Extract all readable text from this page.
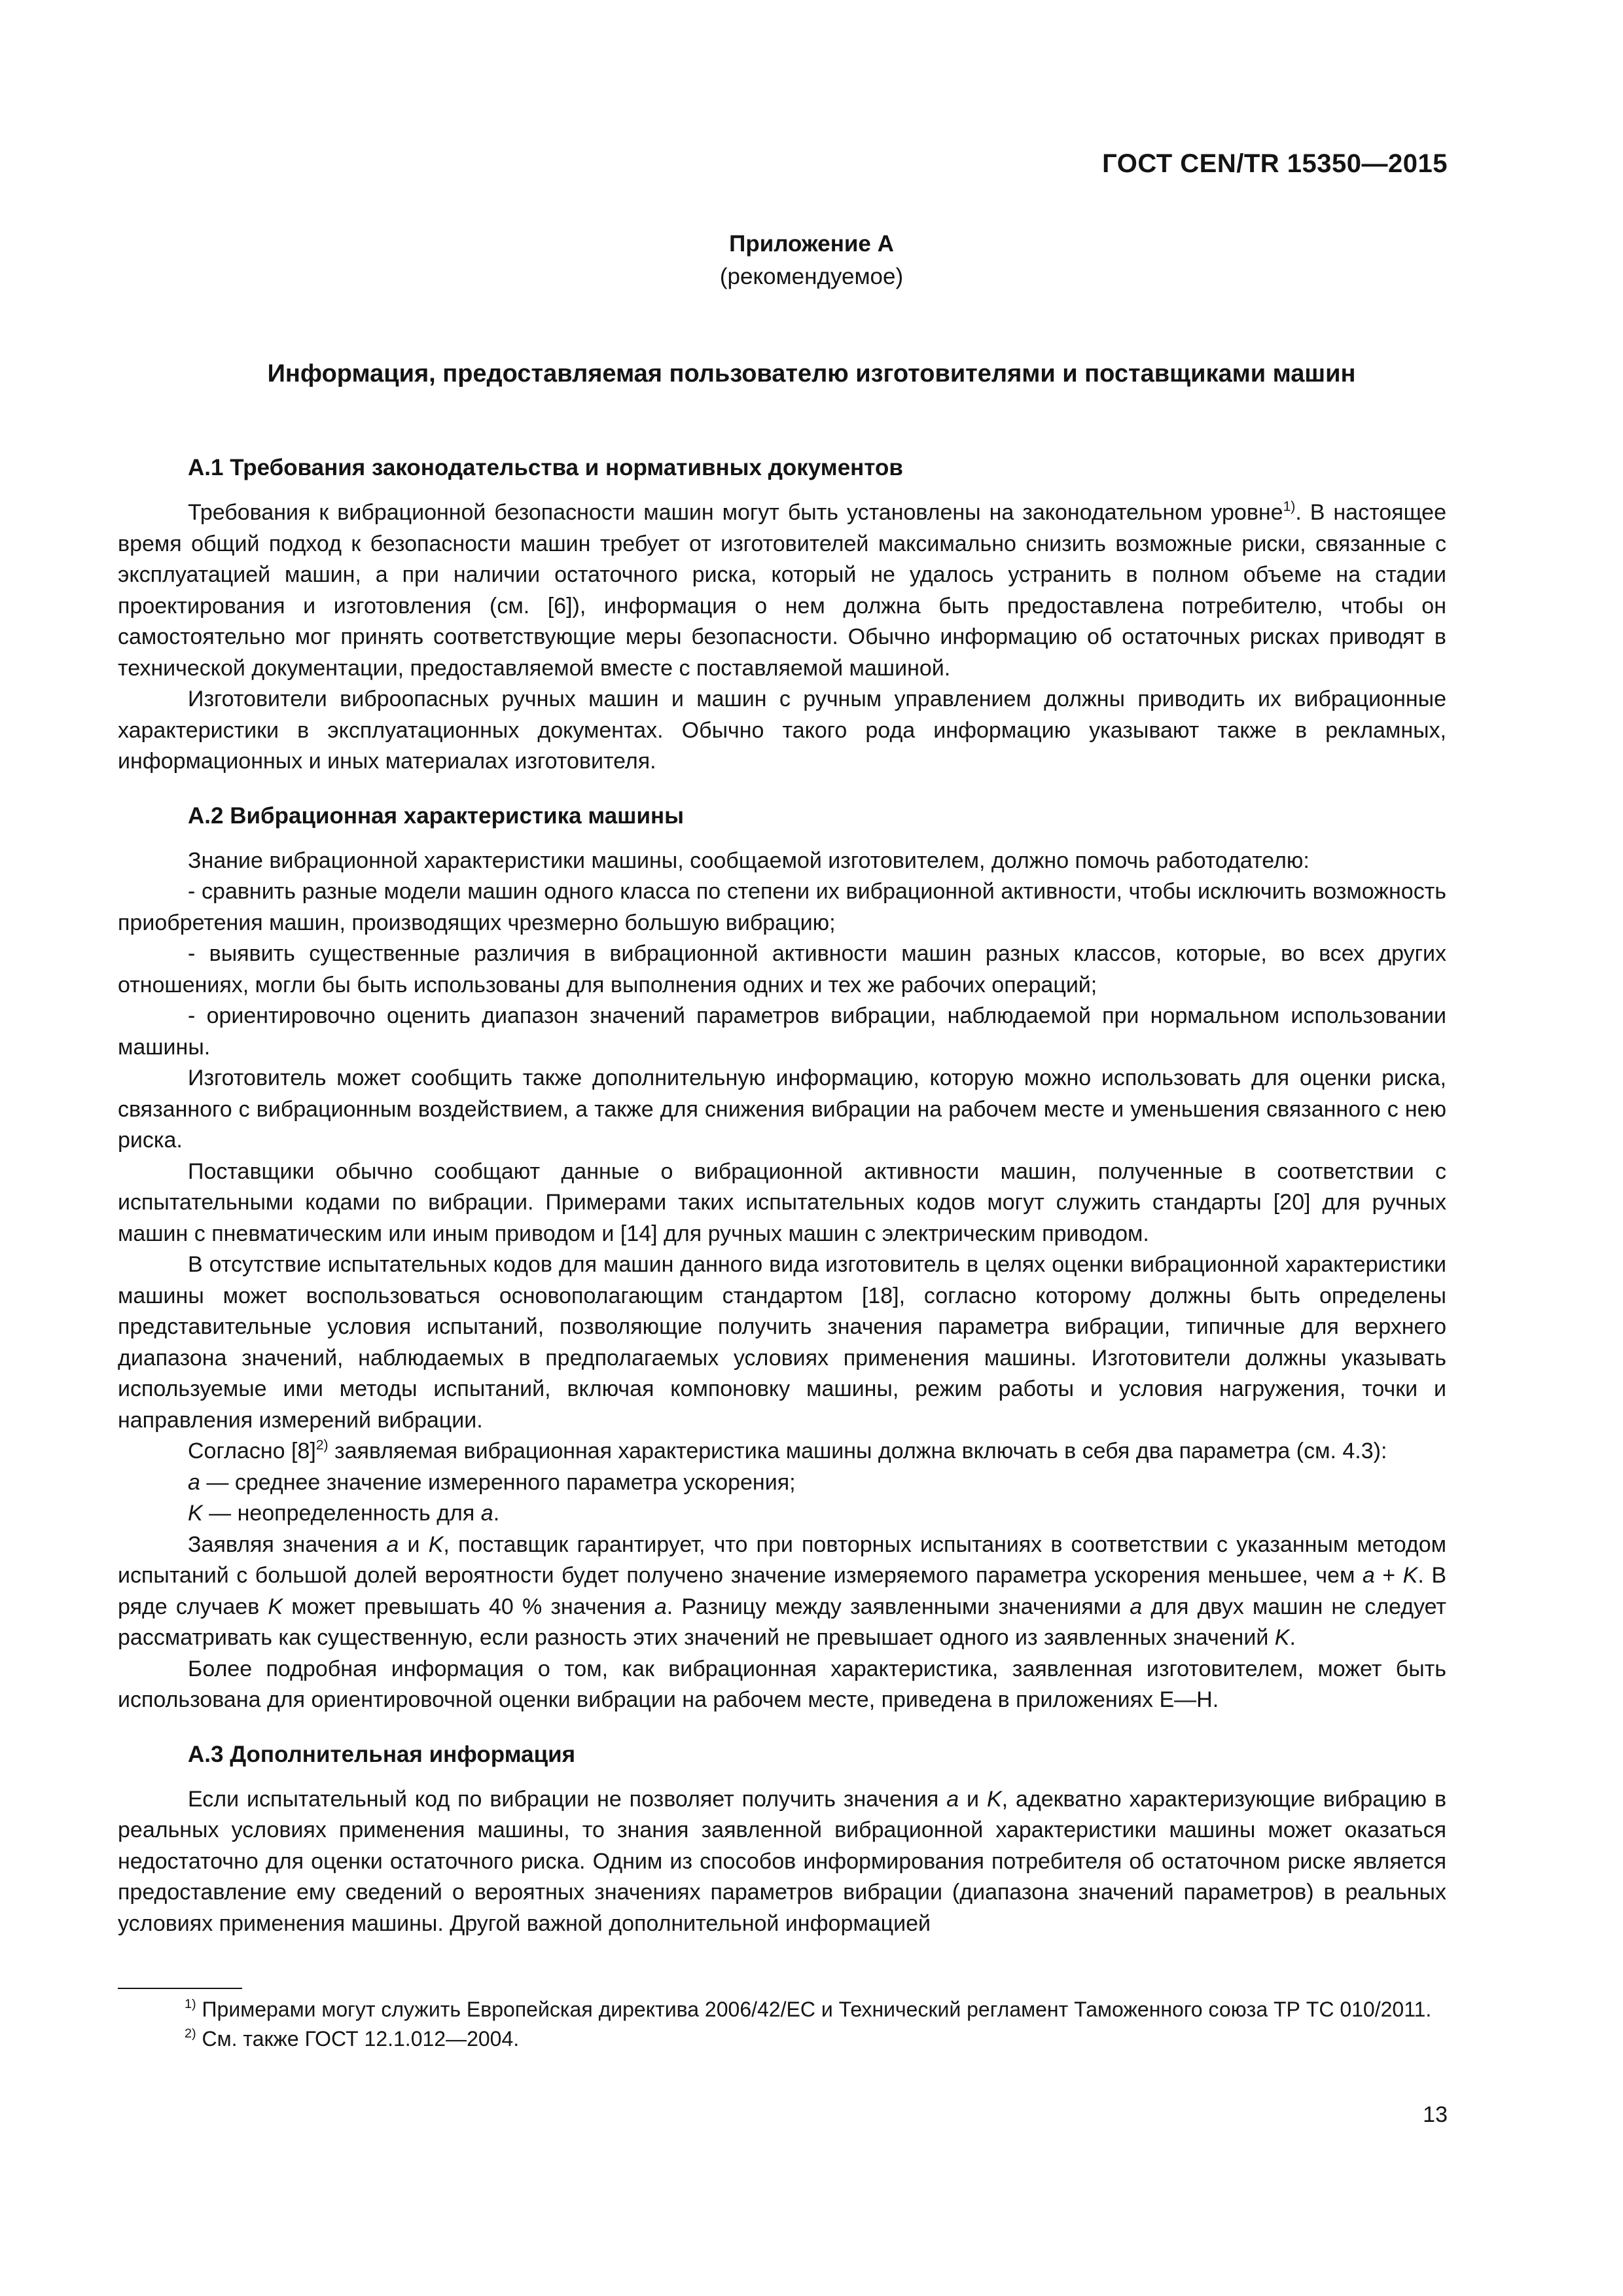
ГОСТ CEN/TR 15350—2015
Приложение А
(рекомендуемое)
Информация, предоставляемая пользователю изготовителями и поставщиками машин
А.1 Требования законодательства и нормативных документов

Требования к вибрационной безопасности машин могут быть установлены на законодательном уровне$^{1)}$. В настоящее время общий подход к безопасности машин требует от изготовителей максимально снизить возможные риски, связанные с эксплуатацией машин, а при наличии остаточного риска, который не удалось устранить в полном объеме на стадии проектирования и изготовления (см. [6]), информация о нем должна быть предоставлена потребителю, чтобы он самостоятельно мог принять соответствующие меры безопасности. Обычно информацию об остаточных рисках приводят в технической документации, предоставляемой вместе с поставляемой машиной.

Изготовители виброопасных ручных машин и машин с ручным управлением должны приводить их вибрационные характеристики в эксплуатационных документах. Обычно такого рода информацию указывают также в рекламных, информационных и иных материалах изготовителя.

А.2 Вибрационная характеристика машины

Знание вибрационной характеристики машины, сообщаемой изготовителем, должно помочь работодателю:

- сравнить разные модели машин одного класса по степени их вибрационной активности, чтобы исключить возможность приобретения машин, производящих чрезмерно большую вибрацию;

- выявить существенные различия в вибрационной активности машин разных классов, которые, во всех других отношениях, могли бы быть использованы для выполнения одних и тех же рабочих операций;

- ориентировочно оценить диапазон значений параметров вибрации, наблюдаемой при нормальном использовании машины.

Изготовитель может сообщить также дополнительную информацию, которую можно использовать для оценки риска, связанного с вибрационным воздействием, а также для снижения вибрации на рабочем месте и уменьшения связанного с нею риска.

Поставщики обычно сообщают данные о вибрационной активности машин, полученные в соответствии с испытательными кодами по вибрации. Примерами таких испытательных кодов могут служить стандарты [20] для ручных машин с пневматическим или иным приводом и [14] для ручных машин с электрическим приводом.

В отсутствие испытательных кодов для машин данного вида изготовитель в целях оценки вибрационной характеристики машины может воспользоваться основополагающим стандартом [18], согласно которому должны быть определены представительные условия испытаний, позволяющие получить значения параметра вибрации, типичные для верхнего диапазона значений, наблюдаемых в предполагаемых условиях применения машины. Изготовители должны указывать используемые ими методы испытаний, включая компоновку машины, режим работы и условия нагружения, точки и направления измерений вибрации.

Согласно $[8]^{2)}$ заявляемая вибрационная характеристика машины должна включать в себя два параметра (см. 4.3):

a — среднее значение измеренного параметра ускорения;

K — неопределенность для a.

Заявляя значения a и K, поставщик гарантирует, что при повторных испытаниях в соответствии с указанным методом испытаний с большой долей вероятности будет получено значение измеряемого параметра ускорения меньшее, чем a + K. В ряде случаев K может превышать 40 % значения a. Разницу между заявленными значениями a для двух машин не следует рассматривать как существенную, если разность этих значений не превышает одного из заявленных значений K.

Более подробная информация о том, как вибрационная характеристика, заявленная изготовителем, может быть использована для ориентировочной оценки вибрации на рабочем месте, приведена в приложениях Е—Н.

А.3 Дополнительная информация

Если испытательный код по вибрации не позволяет получить значения a и K, адекватно характеризующие вибрацию в реальных условиях применения машины, то знания заявленной вибрационной характеристики машины может оказаться недостаточно для оценки остаточного риска. Одним из способов информирования потребителя об остаточном риске является предоставление ему сведений о вероятных значениях параметров вибрации (диапазона значений параметров) в реальных условиях применения машины. Другой важной дополнительной информацией

$^{1)}$ Примерами могут служить Европейская директива 2006/42/ЕС и Технический регламент Таможенного союза ТР ТС 010/2011.

$^{2)}$ См. также ГОСТ 12.1.012—2004.

13
